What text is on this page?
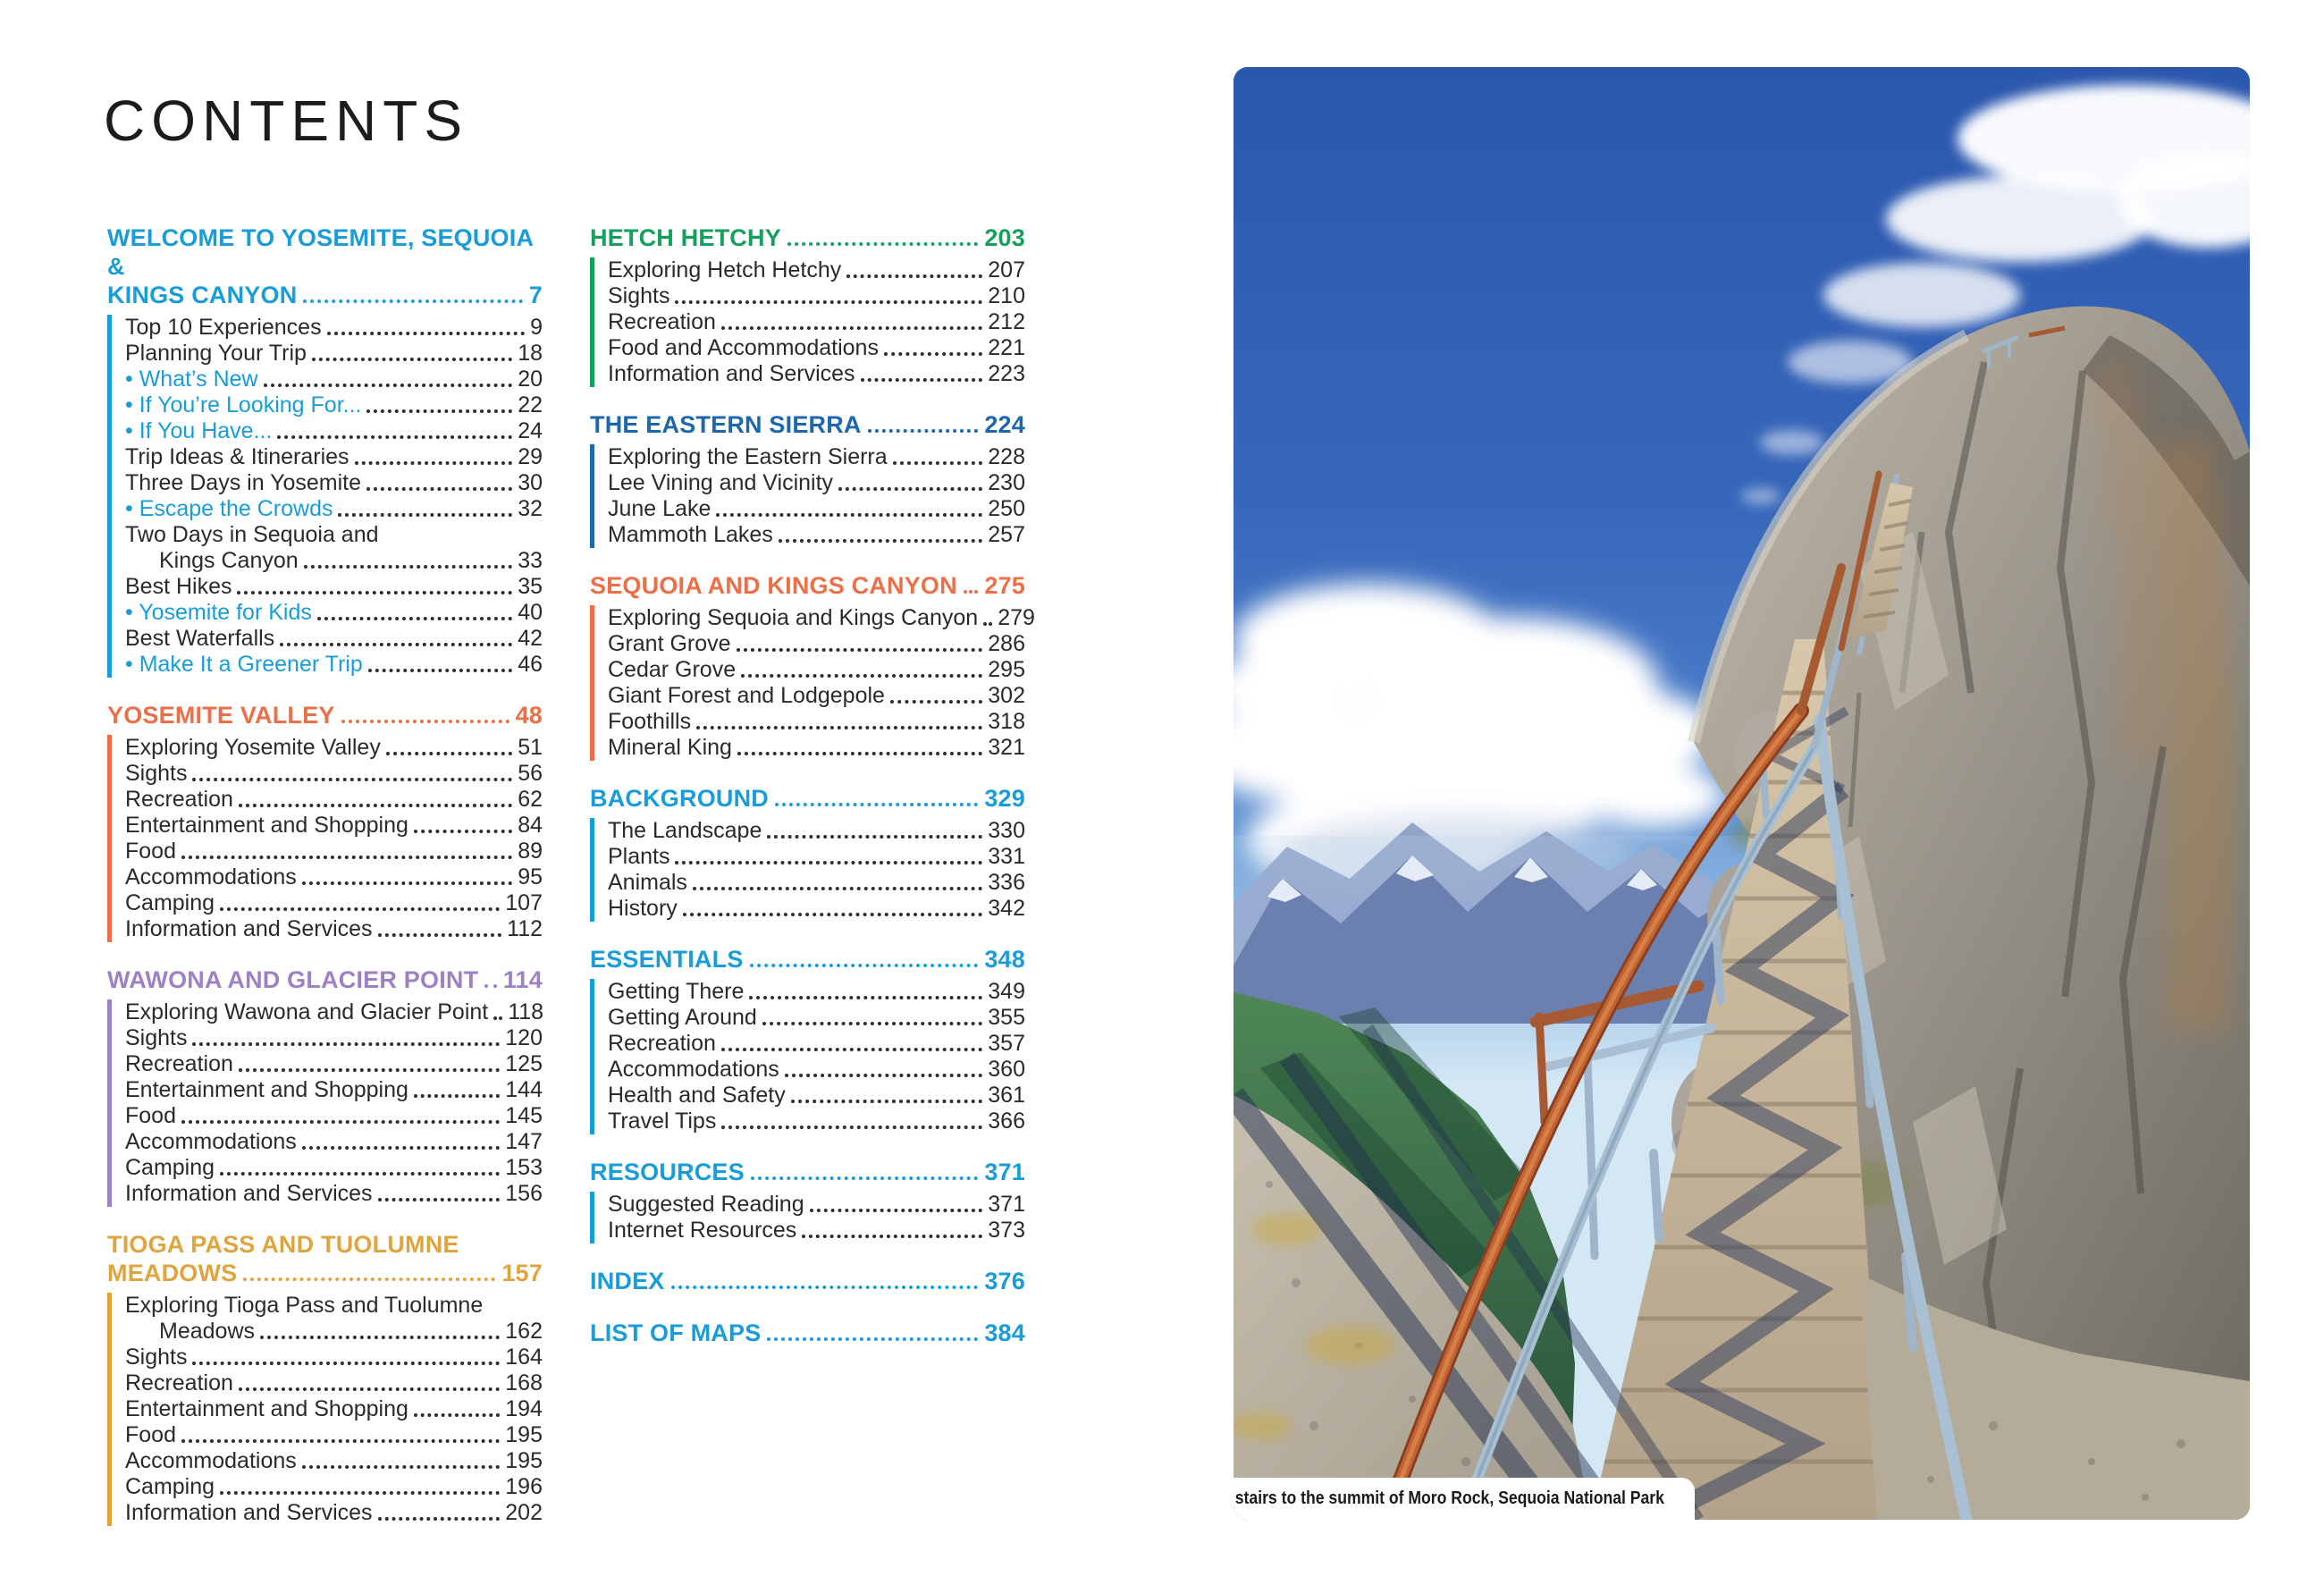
CONTENTS
WELCOME TO YOSEMITE, SEQUOIA &
KINGS CANYON	7
Top 10 Experiences	9
Planning Your Trip	18
• What’s New	20
• If You’re Looking For...	22
• If You Have...	24
Trip Ideas & Itineraries	29
Three Days in Yosemite	30
• Escape the Crowds	32
Two Days in Sequoia and
Kings Canyon	33
Best Hikes	35
• Yosemite for Kids	40
Best Waterfalls	42
• Make It a Greener Trip	46
YOSEMITE VALLEY	48
Exploring Yosemite Valley	51
Sights	56
Recreation	62
Entertainment and Shopping	84
Food	89
Accommodations	95
Camping	107
Information and Services	112
WAWONA AND GLACIER POINT 114
Exploring Wawona and Glacier Point 118
Sights	120
Recreation	125
Entertainment and Shopping	144
Food	145
Accommodations	147
Camping	153
Information and Services	156
TIOGA PASS AND TUOLUMNE
MEADOWS	157
Exploring Tioga Pass and Tuolumne
Meadows	162
Sights	164
Recreation	168
Entertainment and Shopping	194
Food	195
Accommodations	195
Camping	196
Information and Services	202
HETCH HETCHY	203
Exploring Hetch Hetchy	207
Sights	210
Recreation	212
Food and Accommodations	221
Information and Services	223
THE EASTERN SIERRA	224
Exploring the Eastern Sierra	228
Lee Vining and Vicinity	230
June Lake	250
Mammoth Lakes	257
SEQUOIA AND KINGS CANYON 275
Exploring Sequoia and Kings Canyon 279
Grant Grove	286
Cedar Grove	295
Giant Forest and Lodgepole	302
Foothills	318
Mineral King	321
BACKGROUND	329
The Landscape	330
Plants	331
Animals	336
History	342
ESSENTIALS	348
Getting There	349
Getting Around	355
Recreation	357
Accommodations	360
Health and Safety	361
Travel Tips	366
RESOURCES	371
Suggested Reading	371
Internet Resources	373
INDEX	376
LIST OF MAPS	384
stairs to the summit of Moro Rock, Sequoia National Park
